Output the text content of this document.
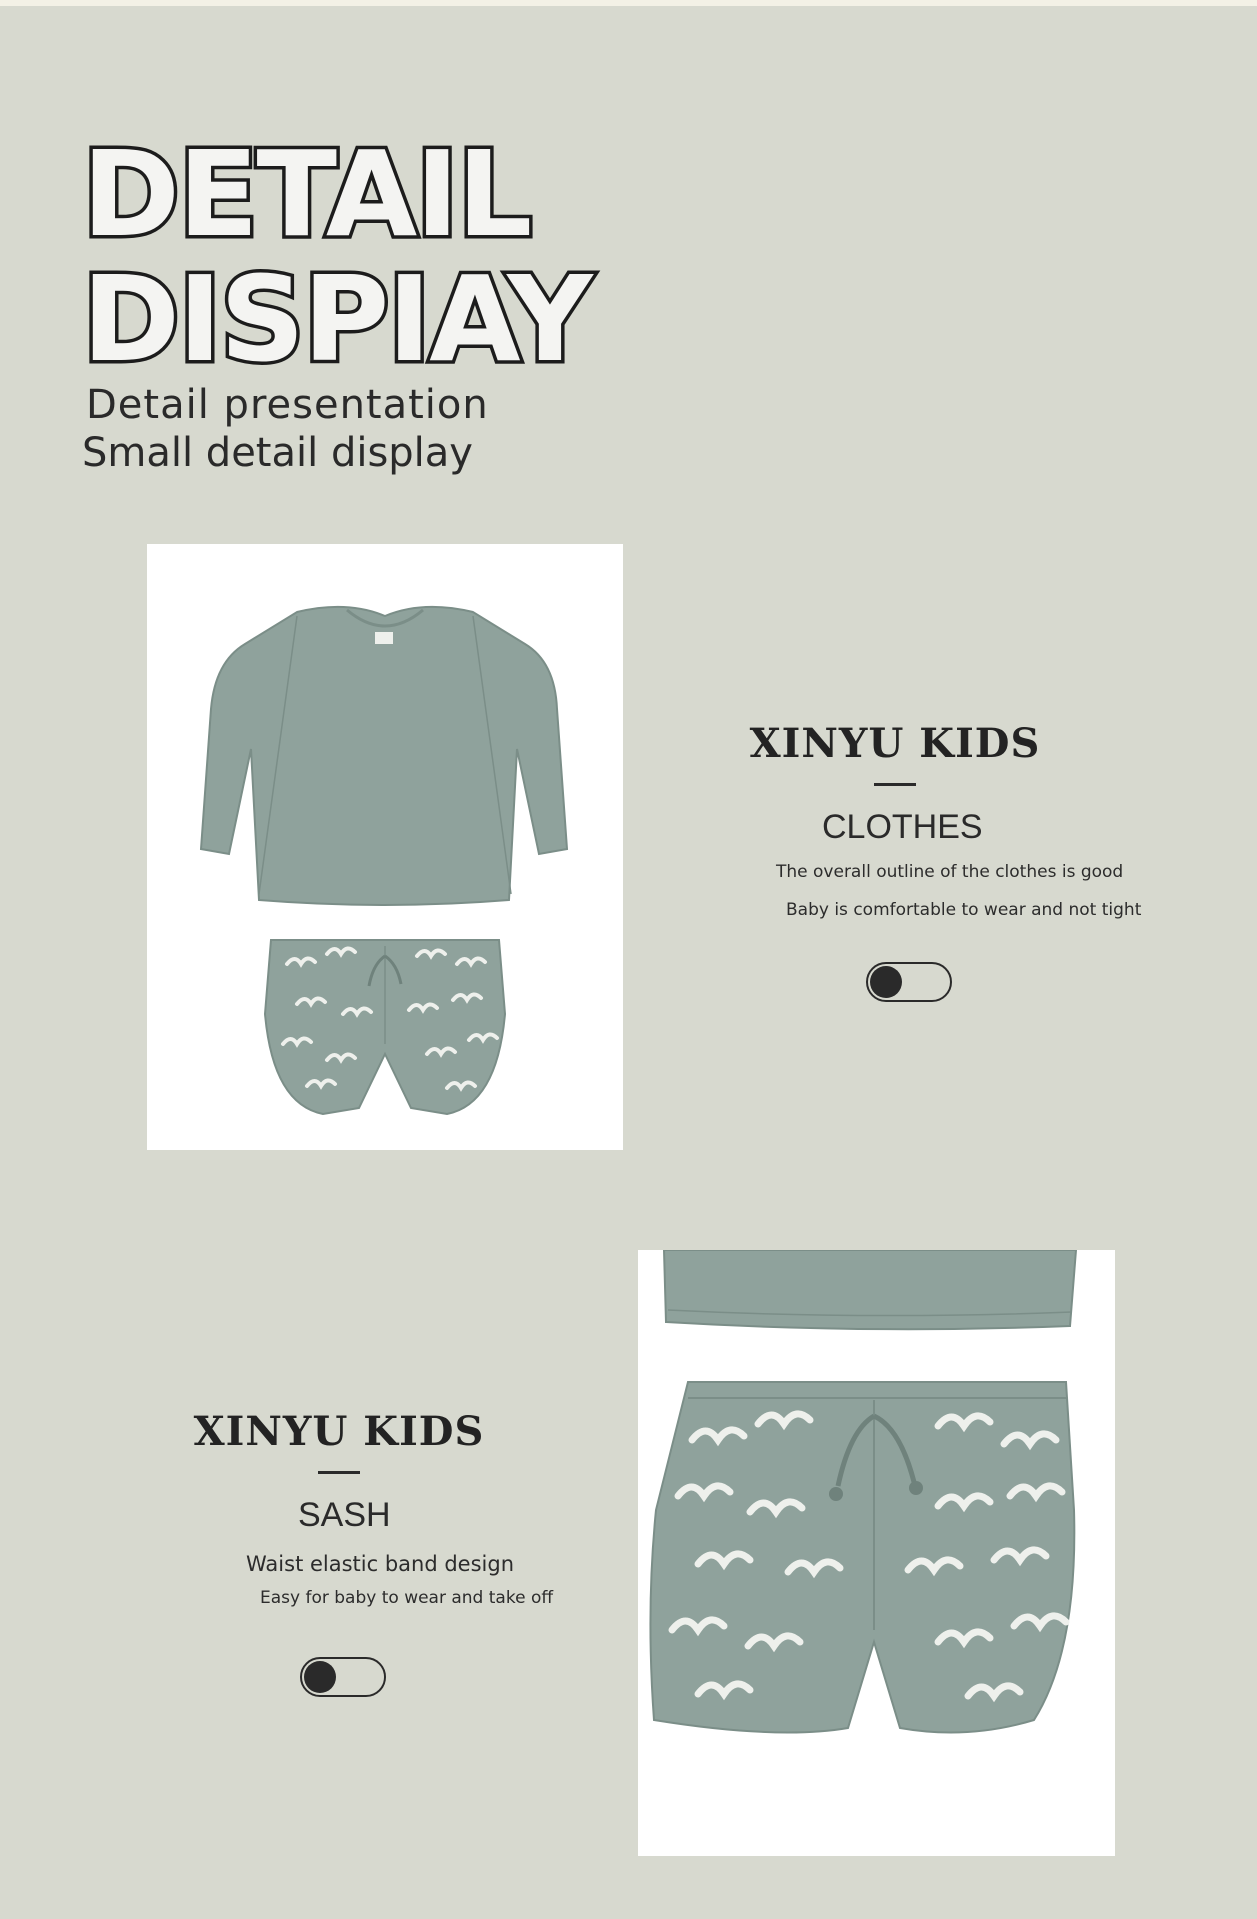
DETAIL
DISPIAY
Detail presentation
Small detail display
XINYU KIDS
CLOTHES
The overall outline of the clothes is good
Baby is comfortable to wear and not tight
XINYU KIDS
SASH
Waist elastic band design
Easy for baby to wear and take off
